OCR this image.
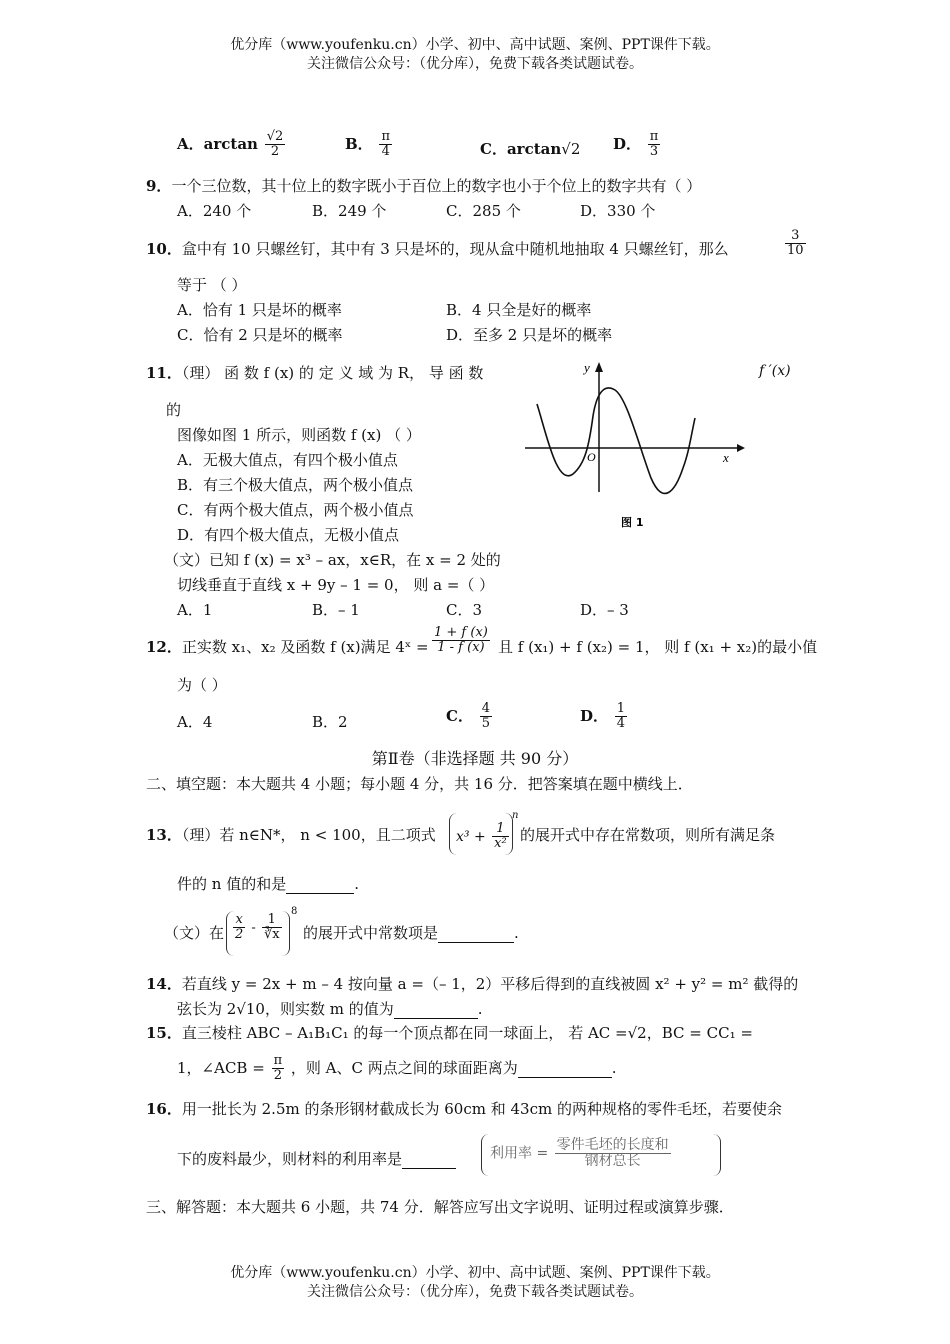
优分库（www.youfenku.cn）小学、初中、高中试题、案例、PPT课件下载。
关注微信公众号：（优分库），免费下载各类试题试卷。
A．$\arctan \frac{√2}{2}$	B． $\frac{\pi}{4}$	C．arctan√2 D． $\frac{\pi}{3}$
9．一个三位数，其十位上的数字既小于百位上的数字也小于个位上的数字共有（ ）
A．240 个	B．249 个	C．285 个	D．330 个
10．盒中有 10 只螺丝钉，其中有 3 只是坏的，现从盒中随机地抽取 4 只螺丝钉，那么	$\frac{3}{10}$
等于 （ ）
A．恰有 1 只是坏的概率	B．4 只全是好的概率
C．恰有 2 只是坏的概率	D．至多 2 只是坏的概率
11．（理） 函 数 f (x) 的 定 义 域 为 R， 导 函 数	f ′(x)
的
图像如图 1 所示，则函数 f (x) （ ）
A．无极大值点，有四个极小值点
B．有三个极大值点，两个极小值点
C．有两个极大值点，两个极小值点
D．有四个极大值点，无极小值点
y
x
O
图 1
（文）已知 f (x) = x³ – ax，x∈R，在 x = 2 处的
切线垂直于直线 x + 9y – 1 = 0， 则 a =（ ）
A．1	B．– 1	C．3	D．– 3
12．正实数 x₁、x₂ 及函数 f (x)满足 4ˣ = $\frac{1 + f (x)}{1 - f (x)}$ 且 f (x₁) + f (x₂) = 1， 则 f (x₁ + x₂)的最小值
为（ ）
A．4	B．2	C． $\frac{4}{5}$	D． $\frac{1}{4}$
第Ⅱ卷（非选择题 共 90 分）
二、填空题：本大题共 4 小题；每小题 4 分，共 16 分．把答案填在题中横线上．
13．（理）若 n∈N*， n < 100，且二项式 $x^3 + \frac{1}{\text{x²}}$
n
的展开式中存在常数项，则所有满足条
件的 n 值的和是	.
（文）在 $\frac{x}{2} - \frac{1}{∛x}$
8
的展开式中常数项是	.
14．若直线 y = 2x + m – 4 按向量 a =（– 1，2）平移后得到的直线被圆 x² + y² = m² 截得的
弦长为 2√10，则实数 m 的值为	.
15．直三棱柱 ABC – A₁B₁C₁ 的每一个顶点都在同一球面上， 若 AC =√2，BC = CC₁ =
1，∠ACB = $\frac{\pi}{2}$ ，则 A、C 两点之间的球面距离为	.
16．用一批长为 2.5m 的条形钢材截成长为 60cm 和 43cm 的两种规格的零件毛坯，若要使余
下的废料最少，则材料的利用率是	利用率 = $\frac{\text{零件毛坯的长度和}}{\text{钢材总长}}$
三、解答题：本大题共 6 小题，共 74 分．解答应写出文字说明、证明过程或演算步骤．
优分库（www.youfenku.cn）小学、初中、高中试题、案例、PPT课件下载。
关注微信公众号：（优分库），免费下载各类试题试卷。
